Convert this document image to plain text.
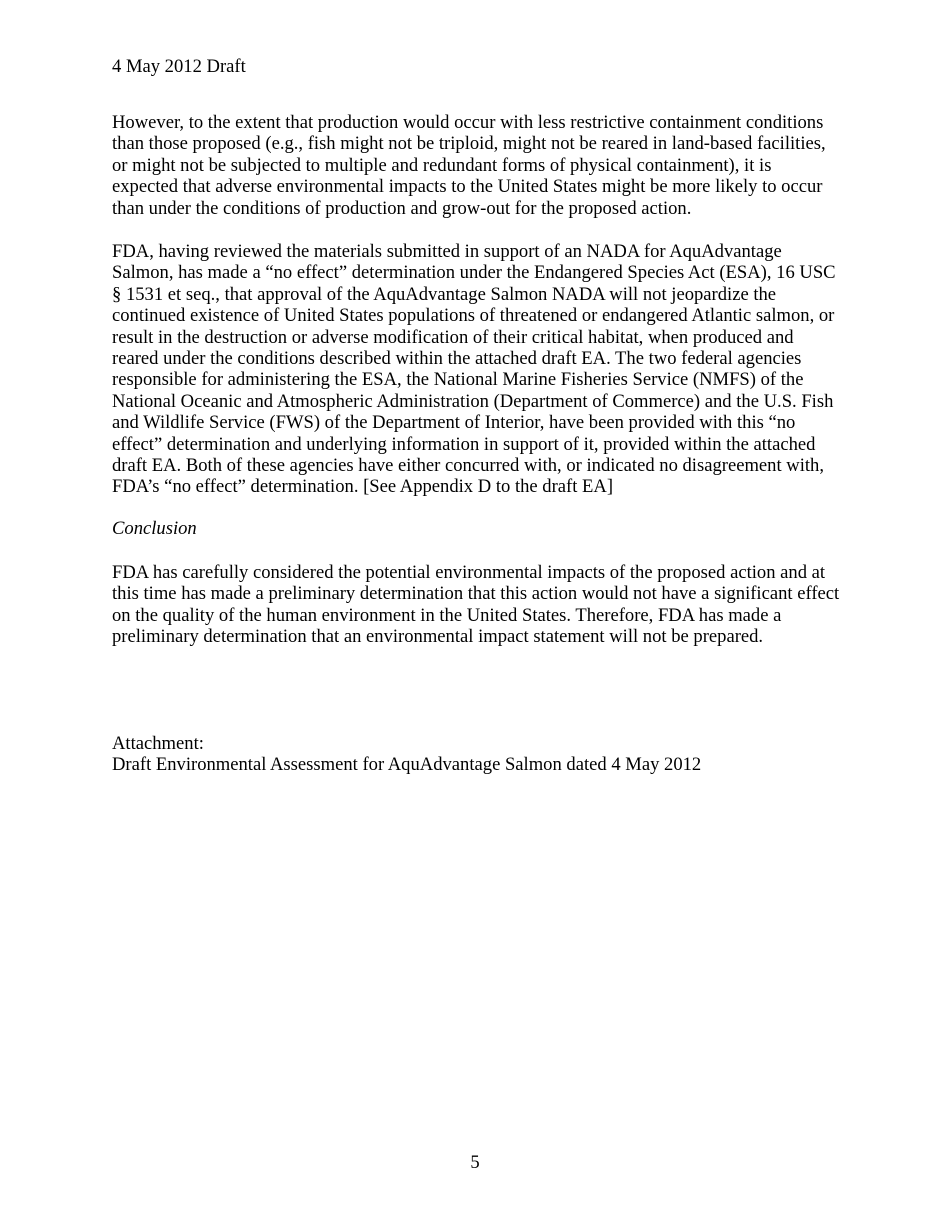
4 May 2012 Draft

However, to the extent that production would occur with less restrictive containment conditions than those proposed (e.g., fish might not be triploid, might not be reared in land-based facilities, or might not be subjected to multiple and redundant forms of physical containment), it is expected that adverse environmental impacts to the United States might be more likely to occur than under the conditions of production and grow-out for the proposed action.

FDA, having reviewed the materials submitted in support of an NADA for AquAdvantage Salmon, has made a “no effect” determination under the Endangered Species Act (ESA), 16 USC § 1531 et seq., that approval of the AquAdvantage Salmon NADA will not jeopardize the continued existence of United States populations of threatened or endangered Atlantic salmon, or result in the destruction or adverse modification of their critical habitat, when produced and reared under the conditions described within the attached draft EA. The two federal agencies responsible for administering the ESA, the National Marine Fisheries Service (NMFS) of the National Oceanic and Atmospheric Administration (Department of Commerce) and the U.S. Fish and Wildlife Service (FWS) of the Department of Interior, have been provided with this “no effect” determination and underlying information in support of it, provided within the attached draft EA. Both of these agencies have either concurred with, or indicated no disagreement with, FDA’s “no effect” determination. [See Appendix D to the draft EA]

Conclusion

FDA has carefully considered the potential environmental impacts of the proposed action and at this time has made a preliminary determination that this action would not have a significant effect on the quality of the human environment in the United States. Therefore, FDA has made a preliminary determination that an environmental impact statement will not be prepared.

Attachment:

Draft Environmental Assessment for AquAdvantage Salmon dated 4 May 2012

5
